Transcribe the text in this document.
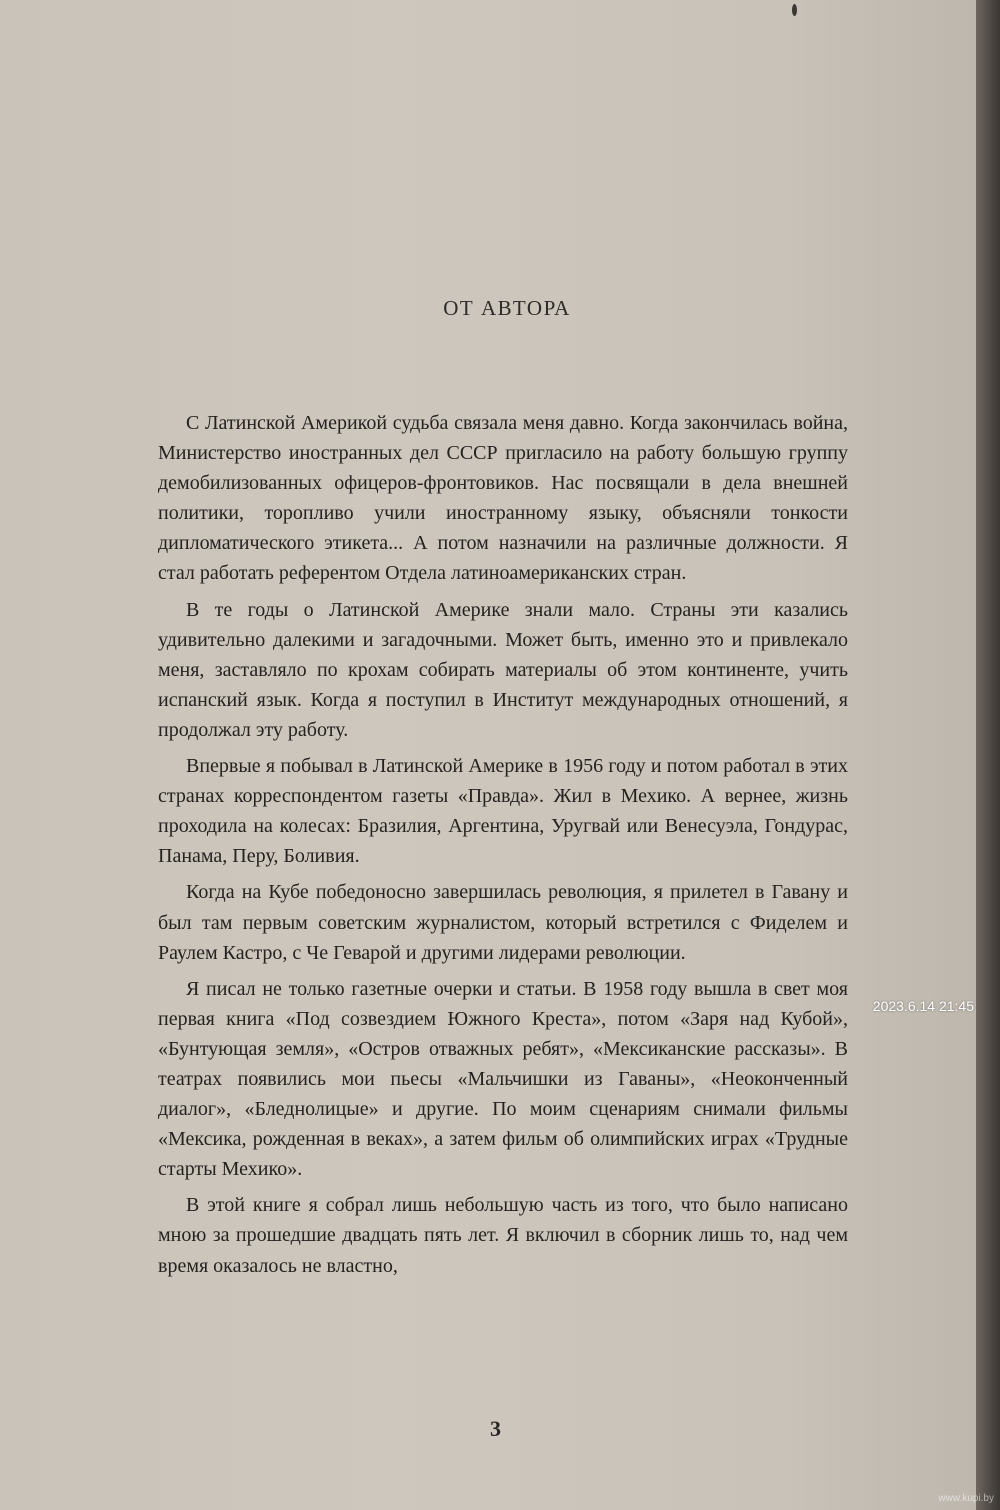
ОТ АВТОРА

С Латинской Америкой судьба связала меня давно. Когда закончилась война, Министерство иностранных дел СССР пригласило на работу большую группу демобилизованных офицеров-фронтовиков. Нас посвящали в дела внешней политики, торопливо учили иностранному языку, объясняли тонкости дипломатического этикета... А потом назначили на различные должности. Я стал работать референтом Отдела латиноамериканских стран.

В те годы о Латинской Америке знали мало. Страны эти казались удивительно далекими и загадочными. Может быть, именно это и привлекало меня, заставляло по крохам собирать материалы об этом континенте, учить испанский язык. Когда я поступил в Институт международных отношений, я продолжал эту работу.

Впервые я побывал в Латинской Америке в 1956 году и потом работал в этих странах корреспондентом газеты «Правда». Жил в Мехико. А вернее, жизнь проходила на колесах: Бразилия, Аргентина, Уругвай или Венесуэла, Гондурас, Панама, Перу, Боливия.

Когда на Кубе победоносно завершилась революция, я прилетел в Гавану и был там первым советским журналистом, который встретился с Фиделем и Раулем Кастро, с Че Геварой и другими лидерами революции.

Я писал не только газетные очерки и статьи. В 1958 году вышла в свет моя первая книга «Под созвездием Южного Креста», потом «Заря над Кубой», «Бунтующая земля», «Остров отважных ребят», «Мексиканские рассказы». В театрах появились мои пьесы «Мальчишки из Гаваны», «Неоконченный диалог», «Бледнолицые» и другие. По моим сценариям снимали фильмы «Мексика, рожденная в веках», а затем фильм об олимпийских играх «Трудные старты Мехико».

В этой книге я собрал лишь небольшую часть из того, что было написано мною за прошедшие двадцать пять лет. Я включил в сборник лишь то, над чем время оказалось не властно,

3
2023.6.14 21:45
www.kupi.by
